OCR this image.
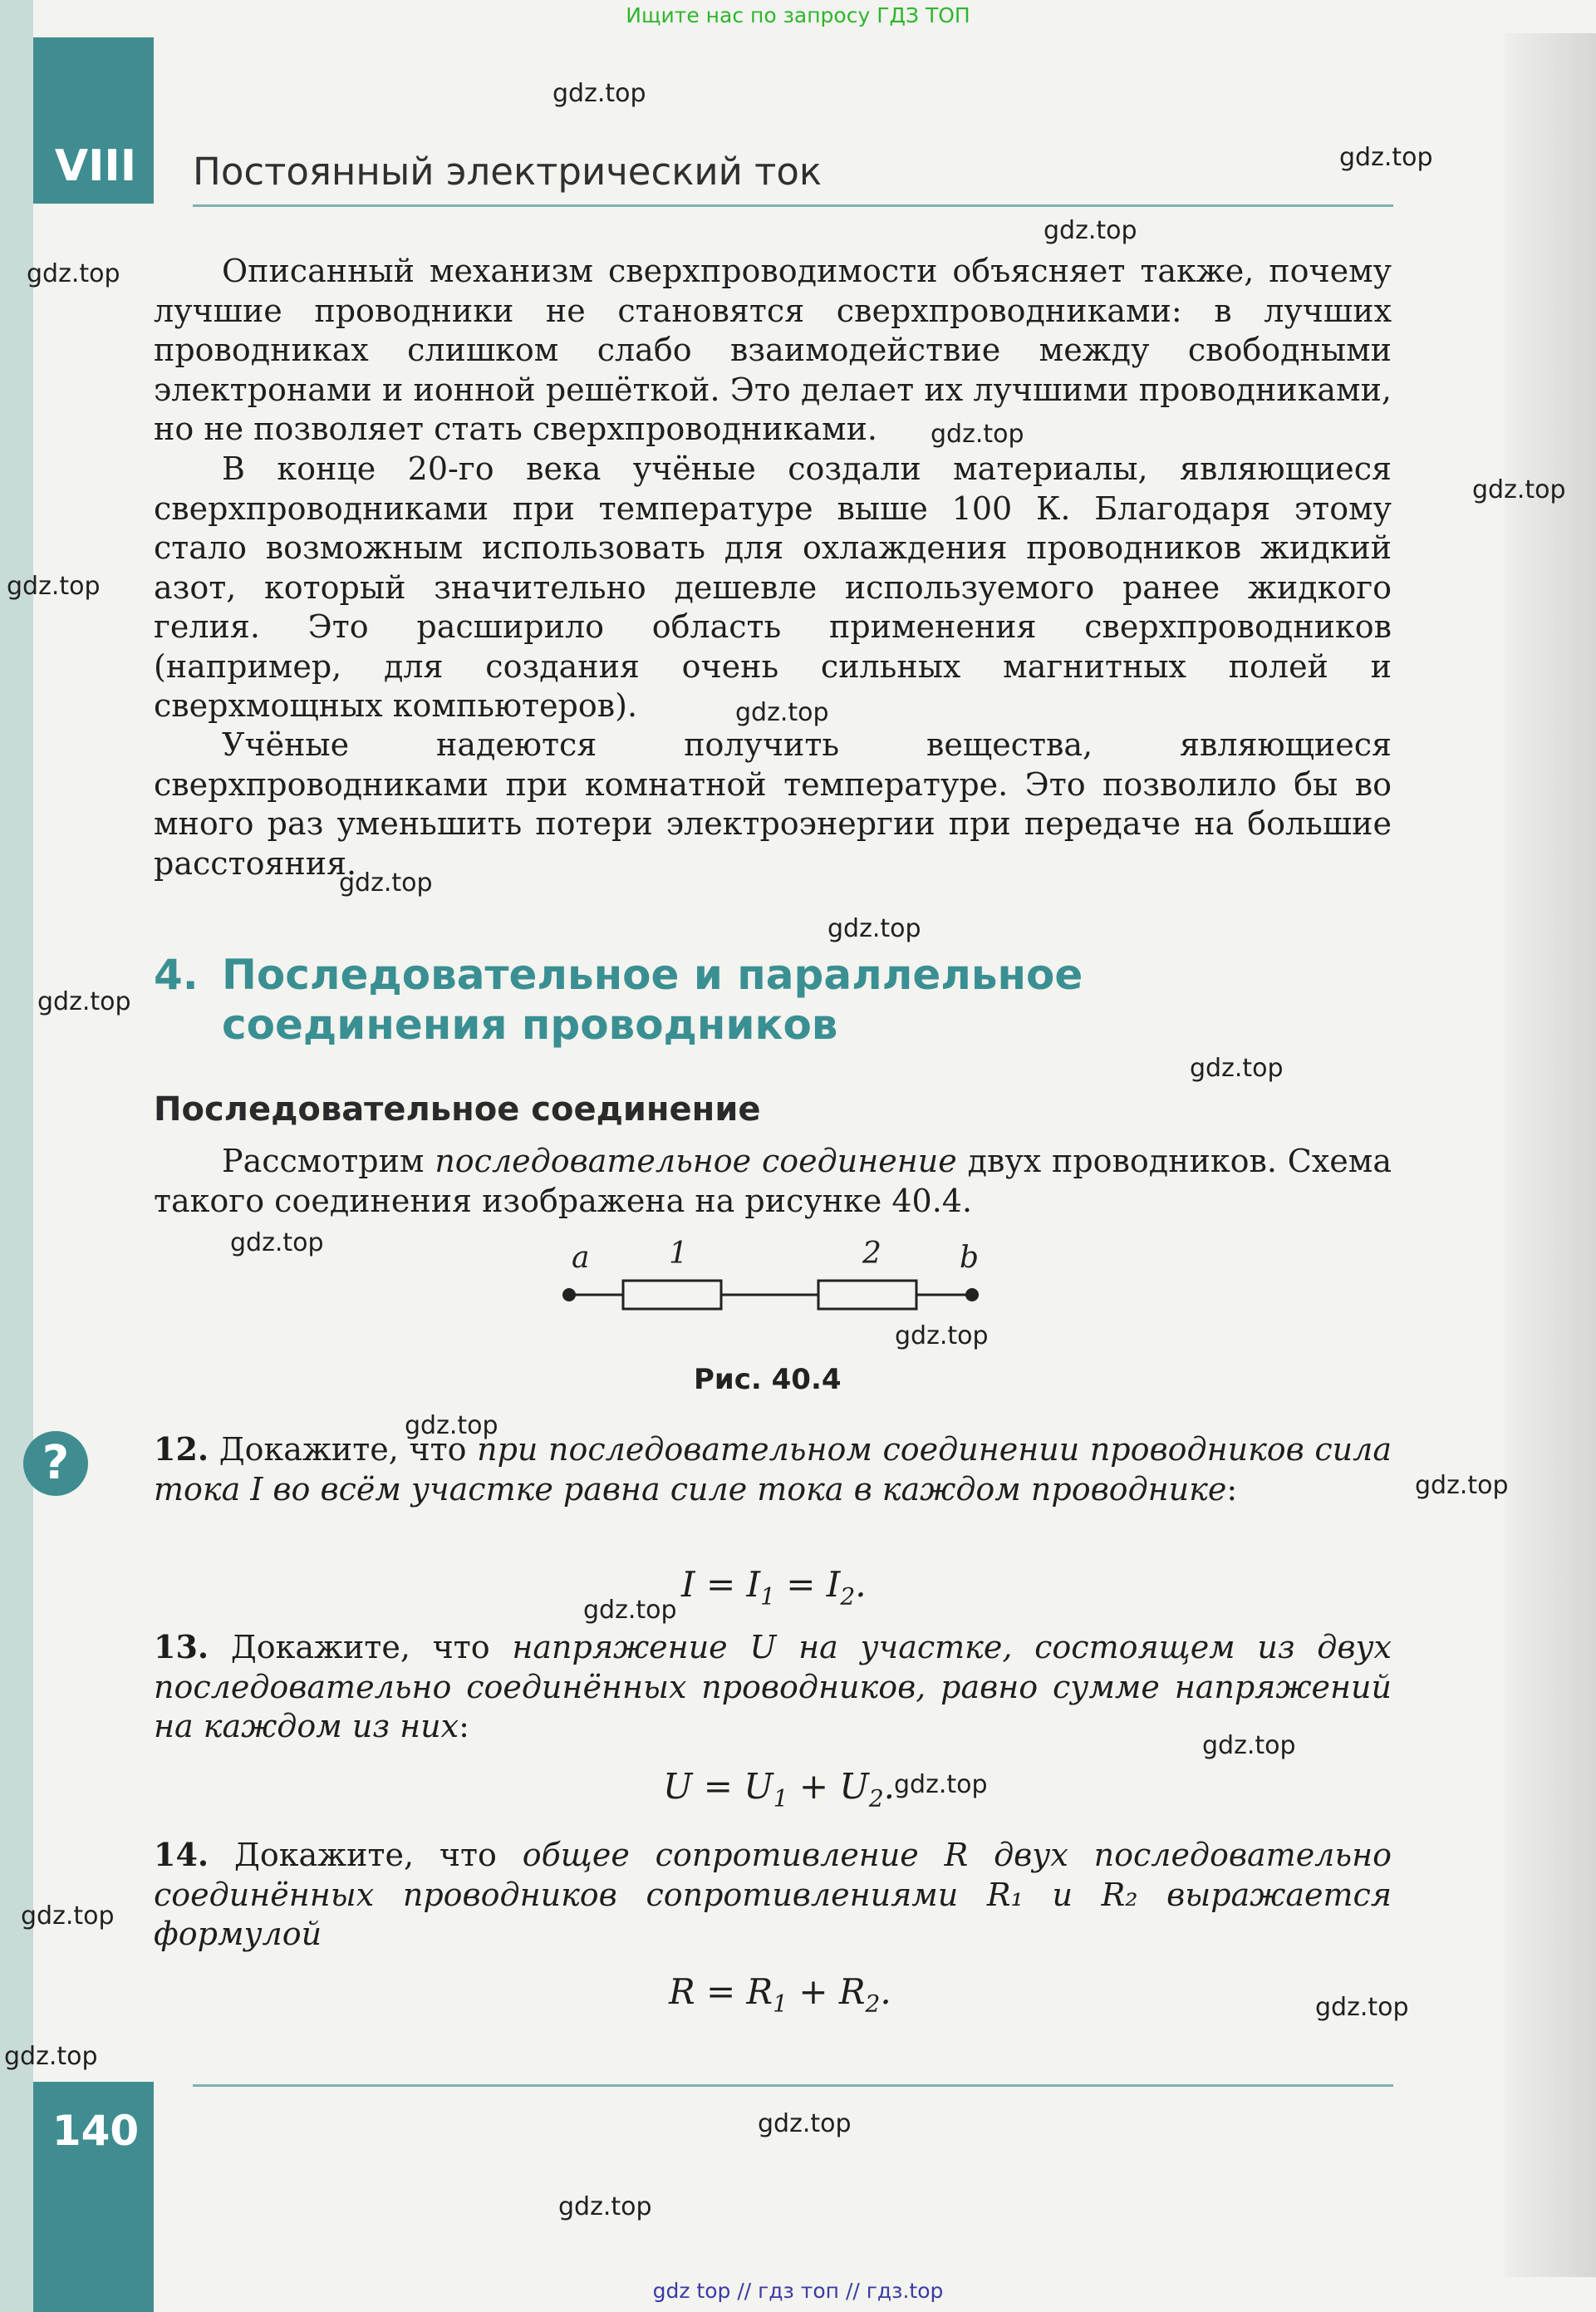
VIII
140
Ищите нас по запросу ГДЗ ТОП
gdz top // гдз топ // гдз.top
Постоянный электрический ток

Описанный механизм сверхпроводимости объясняет также, почему лучшие проводники не становятся сверхпроводниками: в лучших проводниках слишком слабо взаимодействие между свободными электронами и ионной решёткой. Это делает их лучшими проводниками, но не позволяет стать сверхпроводниками.

В конце 20-го века учёные создали материалы, являющиеся сверхпроводниками при температуре выше 100 К. Благодаря этому стало возможным использовать для охлаждения проводников жидкий азот, который значительно дешевле используемого ранее жидкого гелия. Это расширило область применения сверхпроводников (например, для создания очень сильных магнитных полей и сверхмощных компьютеров).

Учёные надеются получить вещества, являющиеся сверхпроводниками при комнатной температуре. Это позволило бы во много раз уменьшить потери электроэнергии при передаче на большие расстояния.

4. Последовательное и параллельное
соединения проводников
Последовательное соединение

Рассмотрим последовательное соединение двух проводников. Схема такого соединения изображена на рисунке 40.4.

a	1	2	b
Рис. 40.4
?	12. Докажите, что при последовательном соединении проводников сила тока I во всём участке равна силе тока в каждом проводнике:

$I = I_1 = I_2$.

13. Докажите, что напряжение U на участке, состоящем из двух последовательно соединённых проводников, равно сумме напряжений на каждом из них:

$U = U_1 + U_2$.

14. Докажите, что общее сопротивление R двух последовательно соединённых проводников сопротивлениями R₁ и R₂ выражается формулой

$R = R_1 + R_2$.
gdz.top
gdz.top
gdz.top
gdz.top
gdz.top
gdz.top
gdz.top
gdz.top
gdz.top
gdz.top
gdz.top
gdz.top
gdz.top
gdz.top
gdz.top
gdz.top
gdz.top
gdz.top
gdz.top
gdz.top
gdz.top
gdz.top
gdz.top
gdz.top
